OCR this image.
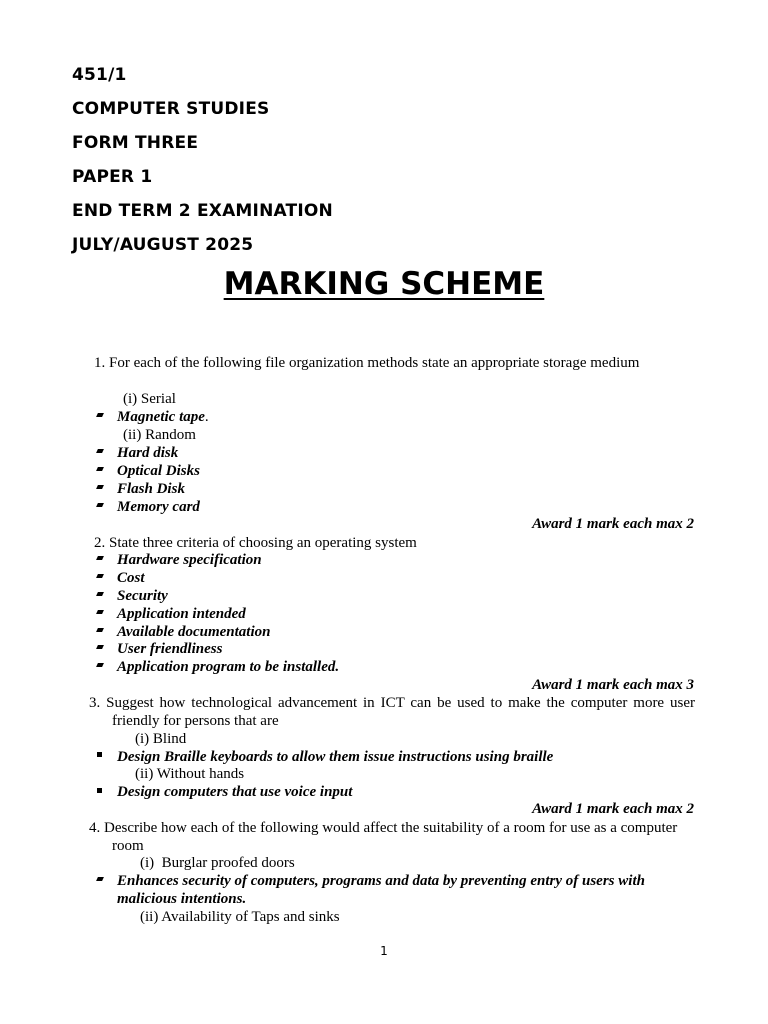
451/1
COMPUTER STUDIES
FORM THREE
PAPER 1
END TERM 2 EXAMINATION
JULY/AUGUST 2025
MARKING SCHEME
1. For each of the following file organization methods state an appropriate storage medium
(i) Serial
Magnetic tape.
(ii) Random
Hard disk
Optical Disks
Flash Disk
Memory card
Award 1 mark each max 2
2. State three criteria of choosing an operating system
Hardware specification
Cost
Security
Application intended
Available documentation
User friendliness
Application program to be installed.
Award 1 mark each max 3
3. Suggest how technological advancement in ICT can be used to make the computer more user
friendly for persons that are
(i) Blind
Design Braille keyboards to allow them issue instructions using braille
(ii) Without hands
Design computers that use voice input
Award 1 mark each max 2
4. Describe how each of the following would affect the suitability of a room for use as a computer
room
(i) Burglar proofed doors
Enhances security of computers, programs and data by preventing entry of users with
malicious intentions.
(ii) Availability of Taps and sinks
1
